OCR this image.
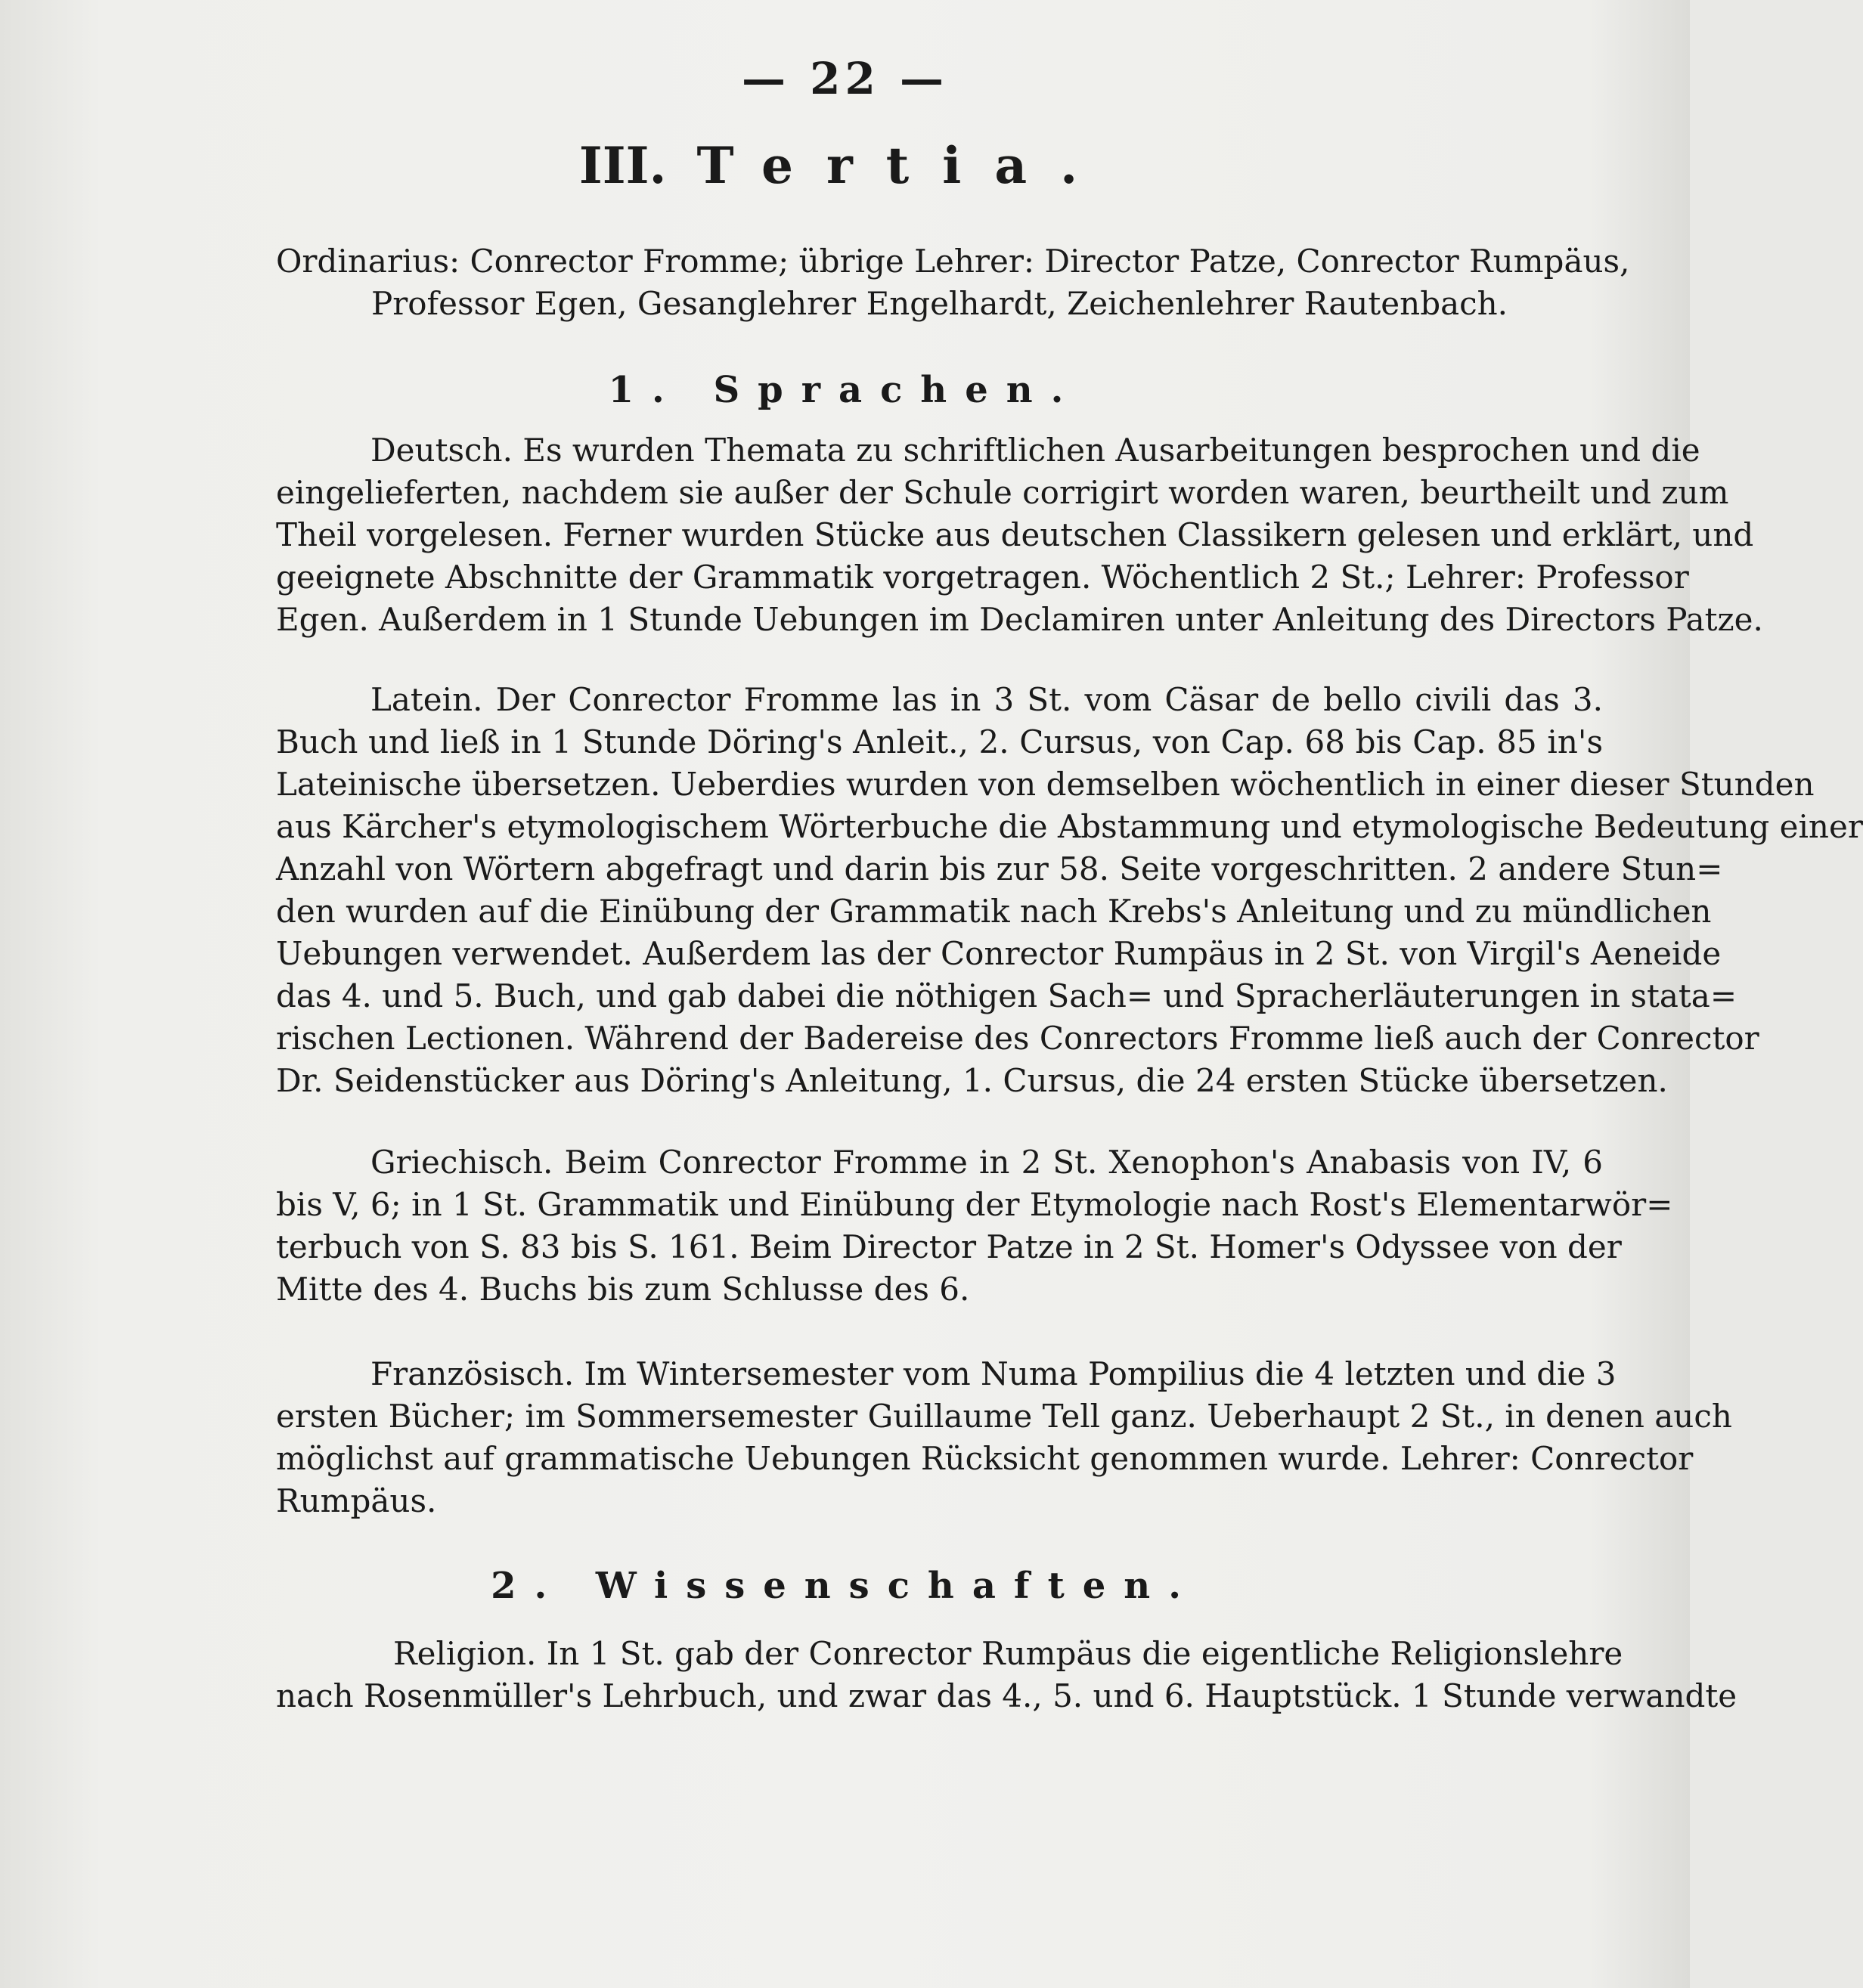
— 22 —
III. Tertia.
Ordinarius: Conrector Fromme; übrige Lehrer: Director Patze, Conrector Rumpäus,
Professor Egen, Gesanglehrer Engelhardt, Zeichenlehrer Rautenbach.
1. Sprachen.
Deutsch. Es wurden Themata zu schriftlichen Ausarbeitungen besprochen und die
eingelieferten, nachdem sie außer der Schule corrigirt worden waren, beurtheilt und zum
Theil vorgelesen. Ferner wurden Stücke aus deutschen Classikern gelesen und erklärt, und
geeignete Abschnitte der Grammatik vorgetragen. Wöchentlich 2 St.; Lehrer: Professor
Egen. Außerdem in 1 Stunde Uebungen im Declamiren unter Anleitung des Directors Patze.
Latein. Der Conrector Fromme las in 3 St. vom Cäsar de bello civili das 3.
Buch und ließ in 1 Stunde Döring's Anleit., 2. Cursus, von Cap. 68 bis Cap. 85 in's
Lateinische übersetzen. Ueberdies wurden von demselben wöchentlich in einer dieser Stunden
aus Kärcher's etymologischem Wörterbuche die Abstammung und etymologische Bedeutung einer
Anzahl von Wörtern abgefragt und darin bis zur 58. Seite vorgeschritten. 2 andere Stun=
den wurden auf die Einübung der Grammatik nach Krebs's Anleitung und zu mündlichen
Uebungen verwendet. Außerdem las der Conrector Rumpäus in 2 St. von Virgil's Aeneide
das 4. und 5. Buch, und gab dabei die nöthigen Sach= und Spracherläuterungen in stata=
rischen Lectionen. Während der Badereise des Conrectors Fromme ließ auch der Conrector
Dr. Seidenstücker aus Döring's Anleitung, 1. Cursus, die 24 ersten Stücke übersetzen.
Griechisch. Beim Conrector Fromme in 2 St. Xenophon's Anabasis von IV, 6
bis V, 6; in 1 St. Grammatik und Einübung der Etymologie nach Rost's Elementarwör=
terbuch von S. 83 bis S. 161. Beim Director Patze in 2 St. Homer's Odyssee von der
Mitte des 4. Buchs bis zum Schlusse des 6.
Französisch. Im Wintersemester vom Numa Pompilius die 4 letzten und die 3
ersten Bücher; im Sommersemester Guillaume Tell ganz. Ueberhaupt 2 St., in denen auch
möglichst auf grammatische Uebungen Rücksicht genommen wurde. Lehrer: Conrector
Rumpäus.
2. Wissenschaften.
Religion. In 1 St. gab der Conrector Rumpäus die eigentliche Religionslehre
nach Rosenmüller's Lehrbuch, und zwar das 4., 5. und 6. Hauptstück. 1 Stunde verwandte
